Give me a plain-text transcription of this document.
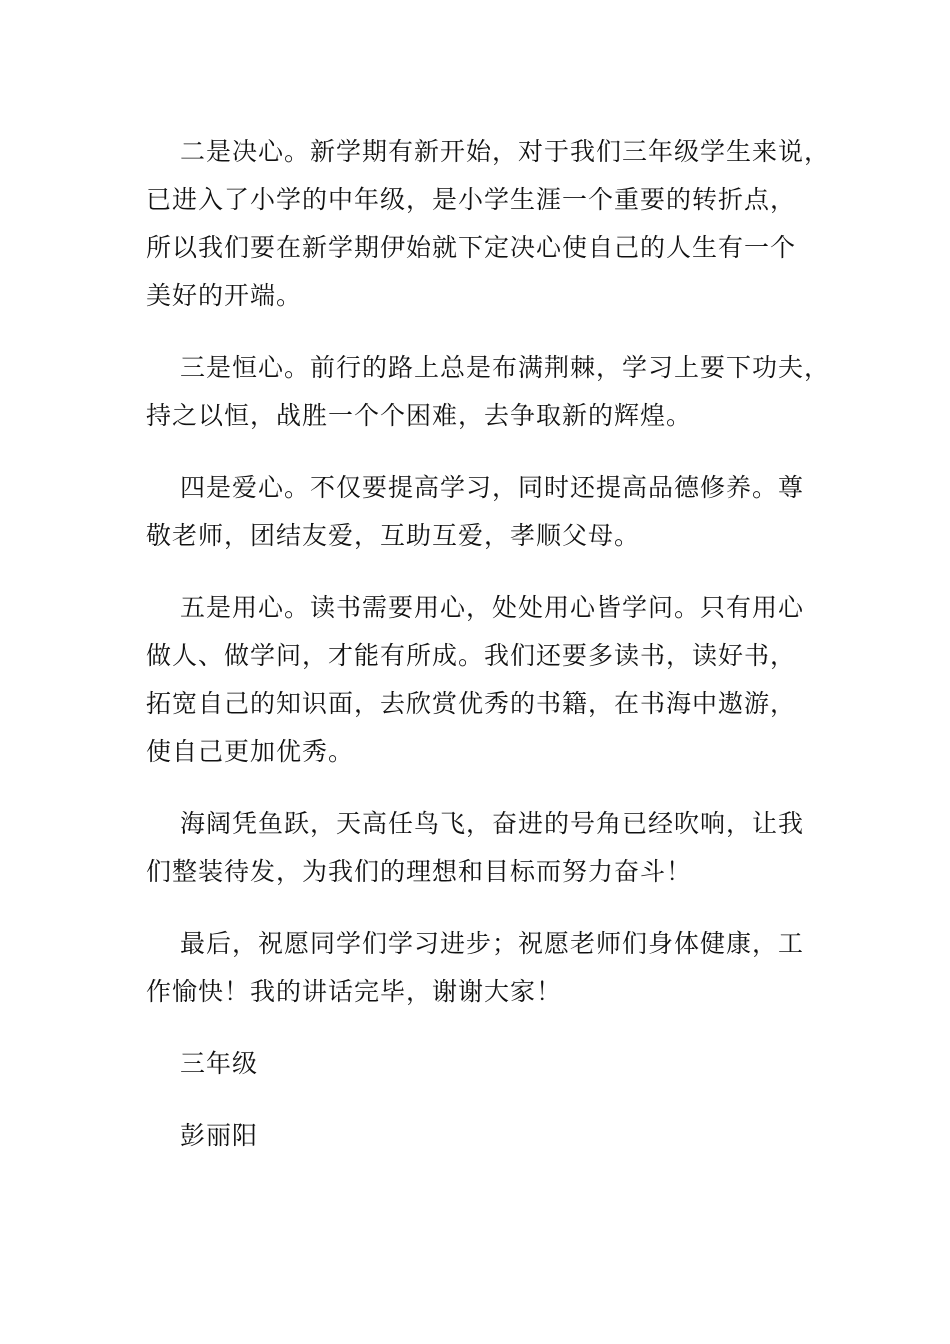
二是决心。新学期有新开始，对于我们三年级学生来说，
已进入了小学的中年级，是小学生涯一个重要的转折点，
所以我们要在新学期伊始就下定决心使自己的人生有一个
美好的开端。

三是恒心。前行的路上总是布满荆棘，学习上要下功夫，
持之以恒，战胜一个个困难，去争取新的辉煌。

四是爱心。不仅要提高学习，同时还提高品德修养。尊
敬老师，团结友爱，互助互爱，孝顺父母。

五是用心。读书需要用心，处处用心皆学问。只有用心
做人、做学问，才能有所成。我们还要多读书，读好书，
拓宽自己的知识面，去欣赏优秀的书籍，在书海中遨游，
使自己更加优秀。

海阔凭鱼跃，天高任鸟飞，奋进的号角已经吹响，让我
们整装待发，为我们的理想和目标而努力奋斗！

最后，祝愿同学们学习进步；祝愿老师们身体健康，工
作愉快！我的讲话完毕，谢谢大家！

三年级

彭丽阳
